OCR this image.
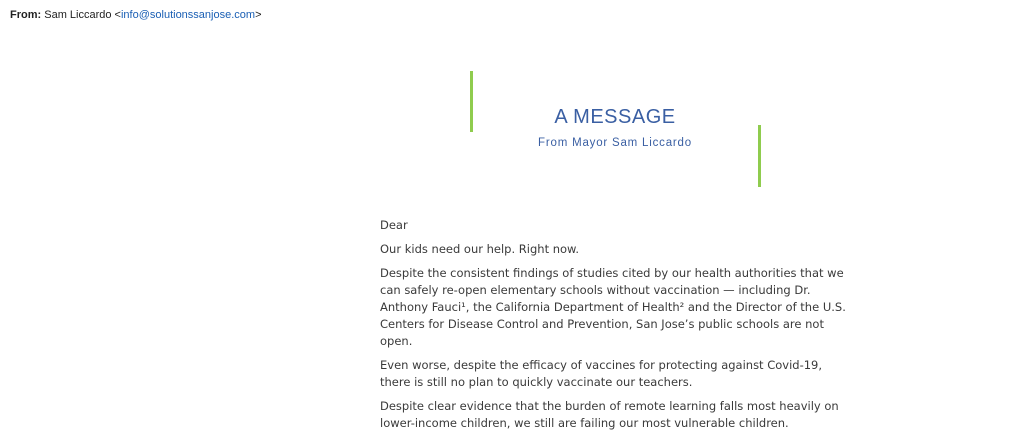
From: Sam Liccardo <info@solutionssanjose.com>
A MESSAGE
From Mayor Sam Liccardo

Dear

Our kids need our help. Right now.

Despite the consistent findings of studies cited by our health authorities that we can safely re-open elementary schools without vaccination — including Dr. Anthony Fauci¹, the California Department of Health² and the Director of the U.S. Centers for Disease Control and Prevention, San Jose’s public schools are not open.

Even worse, despite the efficacy of vaccines for protecting against Covid-19, there is still no plan to quickly vaccinate our teachers.

Despite clear evidence that the burden of remote learning falls most heavily on lower-income children, we still are failing our most vulnerable children.
